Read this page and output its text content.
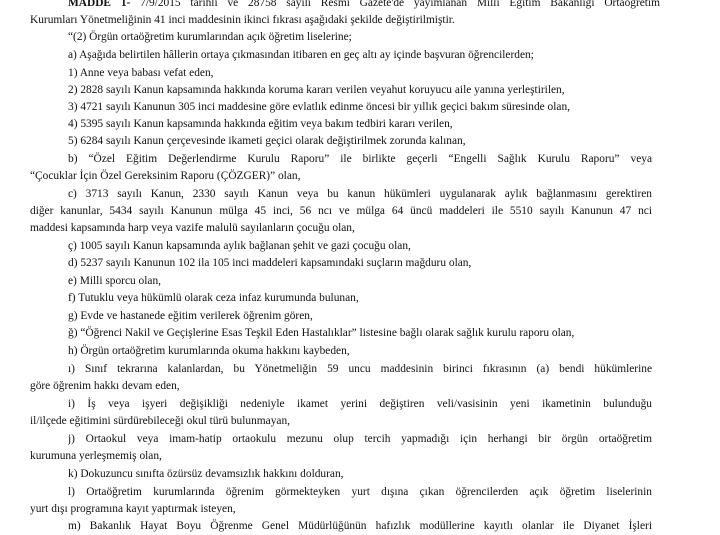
MADDE 1- 7/9/2015 tarihli ve 28758 sayılı Resmî Gazete'de yayımlanan Millî Eğitim Bakanlığı Ortaöğretim
Kurumları Yönetmeliğinin 41 inci maddesinin ikinci fıkrası aşağıdaki şekilde değiştirilmiştir.
“(2) Örgün ortaöğretim kurumlarından açık öğretim liselerine;
a) Aşağıda belirtilen hâllerin ortaya çıkmasından itibaren en geç altı ay içinde başvuran öğrencilerden;
1) Anne veya babası vefat eden,
2) 2828 sayılı Kanun kapsamında hakkında koruma kararı verilen veyahut koruyucu aile yanına yerleştirilen,
3) 4721 sayılı Kanunun 305 inci maddesine göre evlatlık edinme öncesi bir yıllık geçici bakım süresinde olan,
4) 5395 sayılı Kanun kapsamında hakkında eğitim veya bakım tedbiri kararı verilen,
5) 6284 sayılı Kanun çerçevesinde ikameti geçici olarak değiştirilmek zorunda kalınan,
b) “Özel Eğitim Değerlendirme Kurulu Raporu” ile birlikte geçerli “Engelli Sağlık Kurulu Raporu” veya
“Çocuklar İçin Özel Gereksinim Raporu (ÇÖZGER)” olan,
c) 3713 sayılı Kanun, 2330 sayılı Kanun veya bu kanun hükümleri uygulanarak aylık bağlanmasını gerektiren
diğer kanunlar, 5434 sayılı Kanunun mülga 45 inci, 56 ncı ve mülga 64 üncü maddeleri ile 5510 sayılı Kanunun 47 nci
maddesi kapsamında harp veya vazife malulü sayılanların çocuğu olan,
ç) 1005 sayılı Kanun kapsamında aylık bağlanan şehit ve gazi çocuğu olan,
d) 5237 sayılı Kanunun 102 ila 105 inci maddeleri kapsamındaki suçların mağduru olan,
e) Milli sporcu olan,
f) Tutuklu veya hükümlü olarak ceza infaz kurumunda bulunan,
g) Evde ve hastanede eğitim verilerek öğrenim gören,
ğ) “Öğrenci Nakil ve Geçişlerine Esas Teşkil Eden Hastalıklar” listesine bağlı olarak sağlık kurulu raporu olan,
h) Örgün ortaöğretim kurumlarında okuma hakkını kaybeden,
ı) Sınıf tekrarına kalanlardan, bu Yönetmeliğin 59 uncu maddesinin birinci fıkrasının (a) bendi hükümlerine
göre öğrenim hakkı devam eden,
i) İş veya işyeri değişikliği nedeniyle ikamet yerini değiştiren veli/vasisinin yeni ikametinin bulunduğu
il/ilçede eğitimini sürdürebileceği okul türü bulunmayan,
j) Ortaokul veya imam-hatip ortaokulu mezunu olup tercih yapmadığı için herhangi bir örgün ortaöğretim
kurumuna yerleşmemiş olan,
k) Dokuzuncu sınıfta özürsüz devamsızlık hakkını dolduran,
l) Ortaöğretim kurumlarında öğrenim görmekteyken yurt dışına çıkan öğrencilerden açık öğretim liselerinin
yurt dışı programına kayıt yaptırmak isteyen,
m) Bakanlık Hayat Boyu Öğrenme Genel Müdürlüğünün hafızlık modüllerine kayıtlı olanlar ile Diyanet İşleri
